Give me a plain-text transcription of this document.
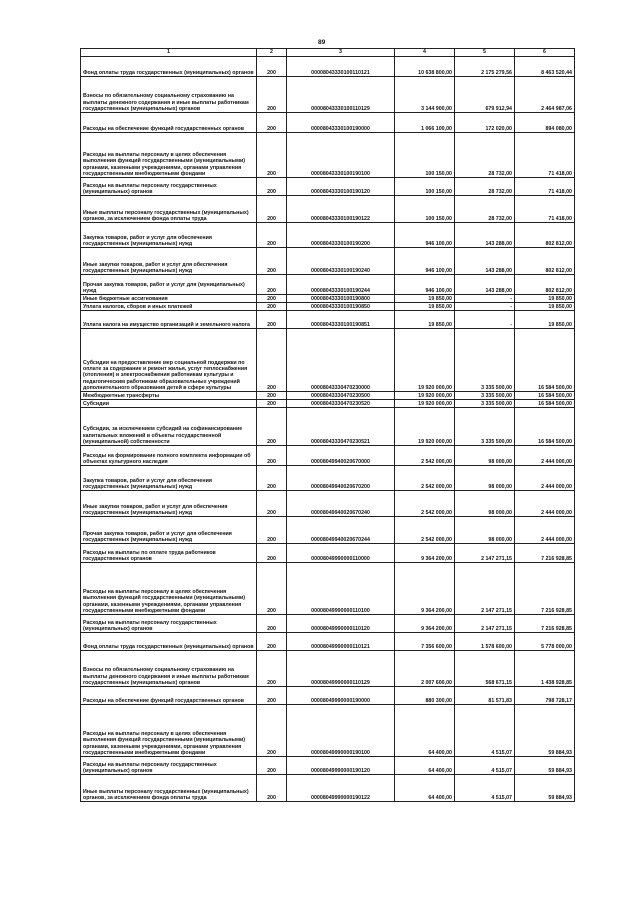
89
1	2	3	4	5	6
Фонд оплаты труда государственных (муниципальных) органов	200	00008043330100110121	10 638 800,00	2 175 279,56	8 463 520,44
Взносы по обязательному социальному страхованию на выплаты денежного содержания и иные выплаты работникам государственных (муниципальных) органов	200	00008043330100110129	3 144 900,00	679 912,94	2 464 987,06
Расходы на обеспечение функций государственных органов	200	00008043330100190000	1 066 100,00	172 020,00	894 080,00
Расходы на выплаты персоналу в целях обеспечения выполнения функций государственными (муниципальными) органами, казенными учреждениями, органами управления государственными внебюджетными фондами	200	00008043330100190100	100 150,00	28 732,00	71 418,00
Расходы на выплаты персоналу государственных (муниципальных) органов	200	00008043330100190120	100 150,00	28 732,00	71 418,00
Иные выплаты персоналу государственных (муниципальных) органов, за исключением фонда оплаты труда	200	00008043330100190122	100 150,00	28 732,00	71 418,00
Закупка товаров, работ и услуг для обеспечения государственных (муниципальных) нужд	200	00008043330100190200	946 100,00	143 288,00	802 812,00
Иные закупки товаров, работ и услуг для обеспечения государственных (муниципальных) нужд	200	00008043330100190240	946 100,00	143 288,00	802 812,00
Прочая закупка товаров, работ и услуг для (муниципальных) нужд	200	00008043330100190244	946 100,00	143 288,00	802 812,00
Иные бюджетные ассигнования	200	00008043330100190800	19 850,00	-	19 850,00
Уплата налогов, сборов и иных платежей	200	00008043330100190850	19 850,00	-	19 850,00
Уплата налога на имущество организаций и земельного налога	200	00008043330100190851	19 850,00	-	19 850,00
Субсидии на предоставление мер социальной поддержки по оплате за содержание и ремонт жилья, услуг теплоснабжения (отопления) и электроснабжения работникам культуры и педагогическим работникам образовательных учреждений дополнительного образования детей в сфере культуры	200	00008043330470230000	19 920 000,00	3 335 500,00	16 584 500,00
Межбюджетные трансферты	200	00008043330470230500	19 920 000,00	3 335 500,00	16 584 500,00
Субсидии	200	00008043330470230520	19 920 000,00	3 335 500,00	16 584 500,00
Субсидии, за исключением субсидий на софинансирование капитальных вложений в объекты государственной (муниципальной) собственности	200	00008043330470230521	19 920 000,00	3 335 500,00	16 584 500,00
Расходы на формирование полного комплекта информации об объектах культурного наследия	200	00008049940020670000	2 542 000,00	98 000,00	2 444 000,00
Закупка товаров, работ и услуг для обеспечения государственных (муниципальных) нужд	200	00008049940020670200	2 542 000,00	98 000,00	2 444 000,00
Иные закупки товаров, работ и услуг для обеспечения государственных (муниципальных) нужд	200	00008049940020670240	2 542 000,00	98 000,00	2 444 000,00
Прочая закупка товаров, работ и услуг для обеспечения государственных (муниципальных) нужд	200	00008049940020670244	2 542 000,00	98 000,00	2 444 000,00
Расходы на выплаты по оплате труда работников государственных органов	200	00008049990000110000	9 364 200,00	2 147 271,15	7 216 928,85
Расходы на выплаты персоналу в целях обеспечения выполнения функций государственными (муниципальными) органами, казенными учреждениями, органами управления государственными внебюджетными фондами	200	00008049990000110100	9 364 200,00	2 147 271,15	7 216 928,85
Расходы на выплаты персоналу государственных (муниципальных) органов	200	00008049990000110120	9 364 200,00	2 147 271,15	7 216 928,85
Фонд оплаты труда государственных (муниципальных) органов	200	00008049990000110121	7 356 600,00	1 578 600,00	5 778 000,00
Взносы по обязательному социальному страхованию на выплаты денежного содержания и иные выплаты работникам государственных (муниципальных) органов	200	00008049990000110129	2 007 600,00	568 671,15	1 438 928,85
Расходы на обеспечение функций государственных органов	200	00008049990000190000	880 300,00	81 571,83	798 728,17
Расходы на выплаты персоналу в целях обеспечения выполнения функций государственными (муниципальными) органами, казенными учреждениями, органами управления государственными внебюджетными фондами	200	00008049990000190100	64 400,00	4 515,07	59 884,93
Расходы на выплаты персоналу государственных (муниципальных) органов	200	00008049990000190120	64 400,00	4 515,07	59 884,93
Иные выплаты персоналу государственных (муниципальных) органов, за исключением фонда оплаты труда	200	00008049990000190122	64 400,00	4 515,07	59 884,93
